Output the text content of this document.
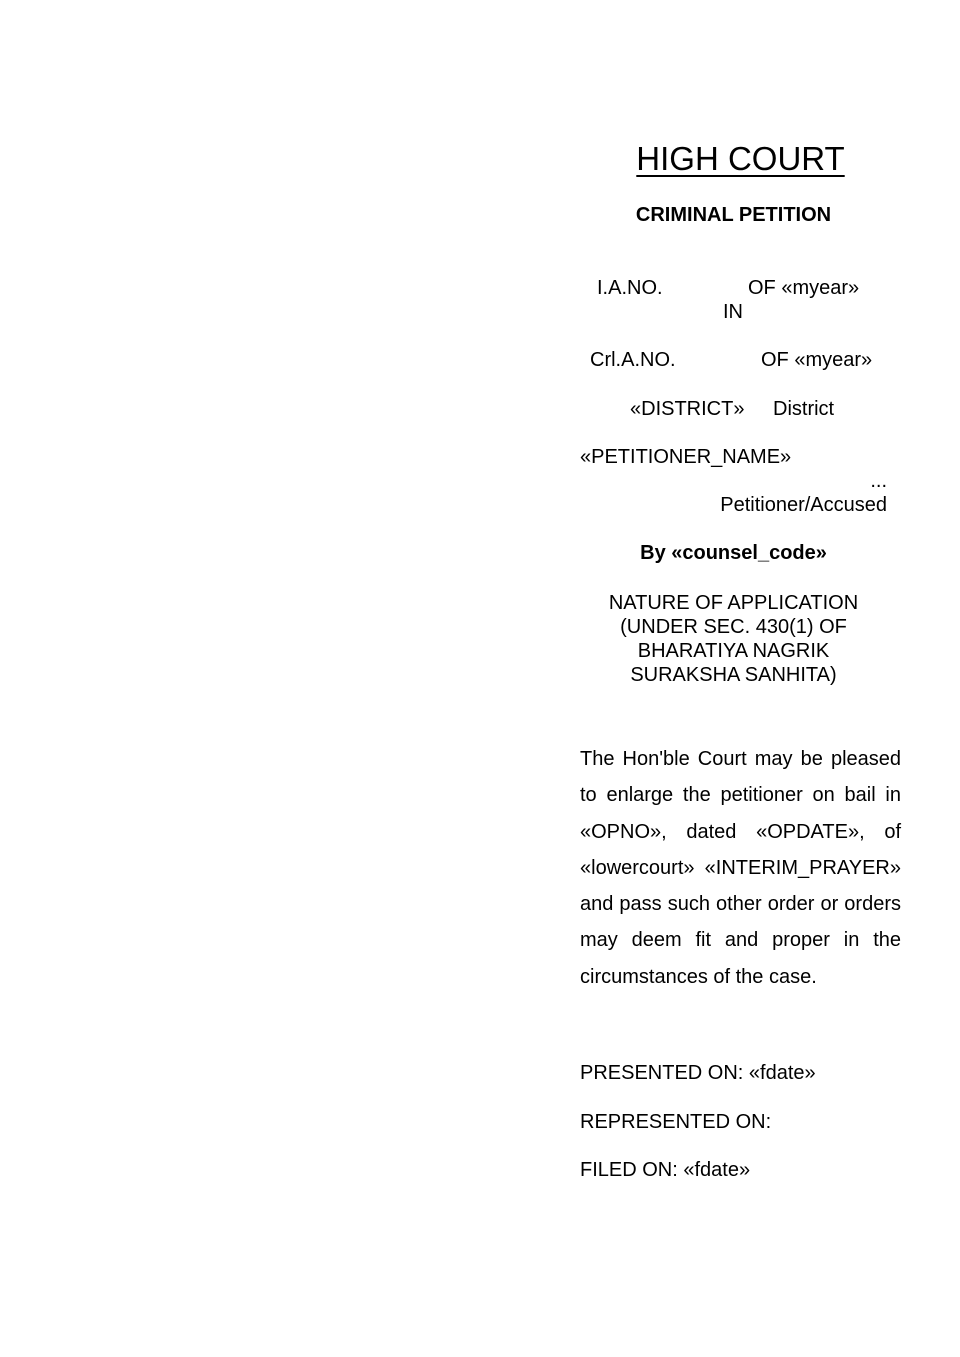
HIGH COURT
CRIMINAL PETITION
I.A.NO.	OF «myear»
IN
Crl.A.NO.	OF «myear»
«DISTRICT» District
«PETITIONER_NAME»
...
Petitioner/Accused
By «counsel_code»
NATURE OF APPLICATION (UNDER SEC. 430(1) OF BHARATIYA NAGRIK SURAKSHA SANHITA)
The Hon'ble Court may be pleased to enlarge the petitioner on bail in «OPNO», dated «OPDATE», of «lowercourt» «INTERIM_PRAYER» and pass such other order or orders may deem fit and proper in the circumstances of the case.
PRESENTED ON: «fdate»
REPRESENTED ON:
FILED ON: «fdate»
